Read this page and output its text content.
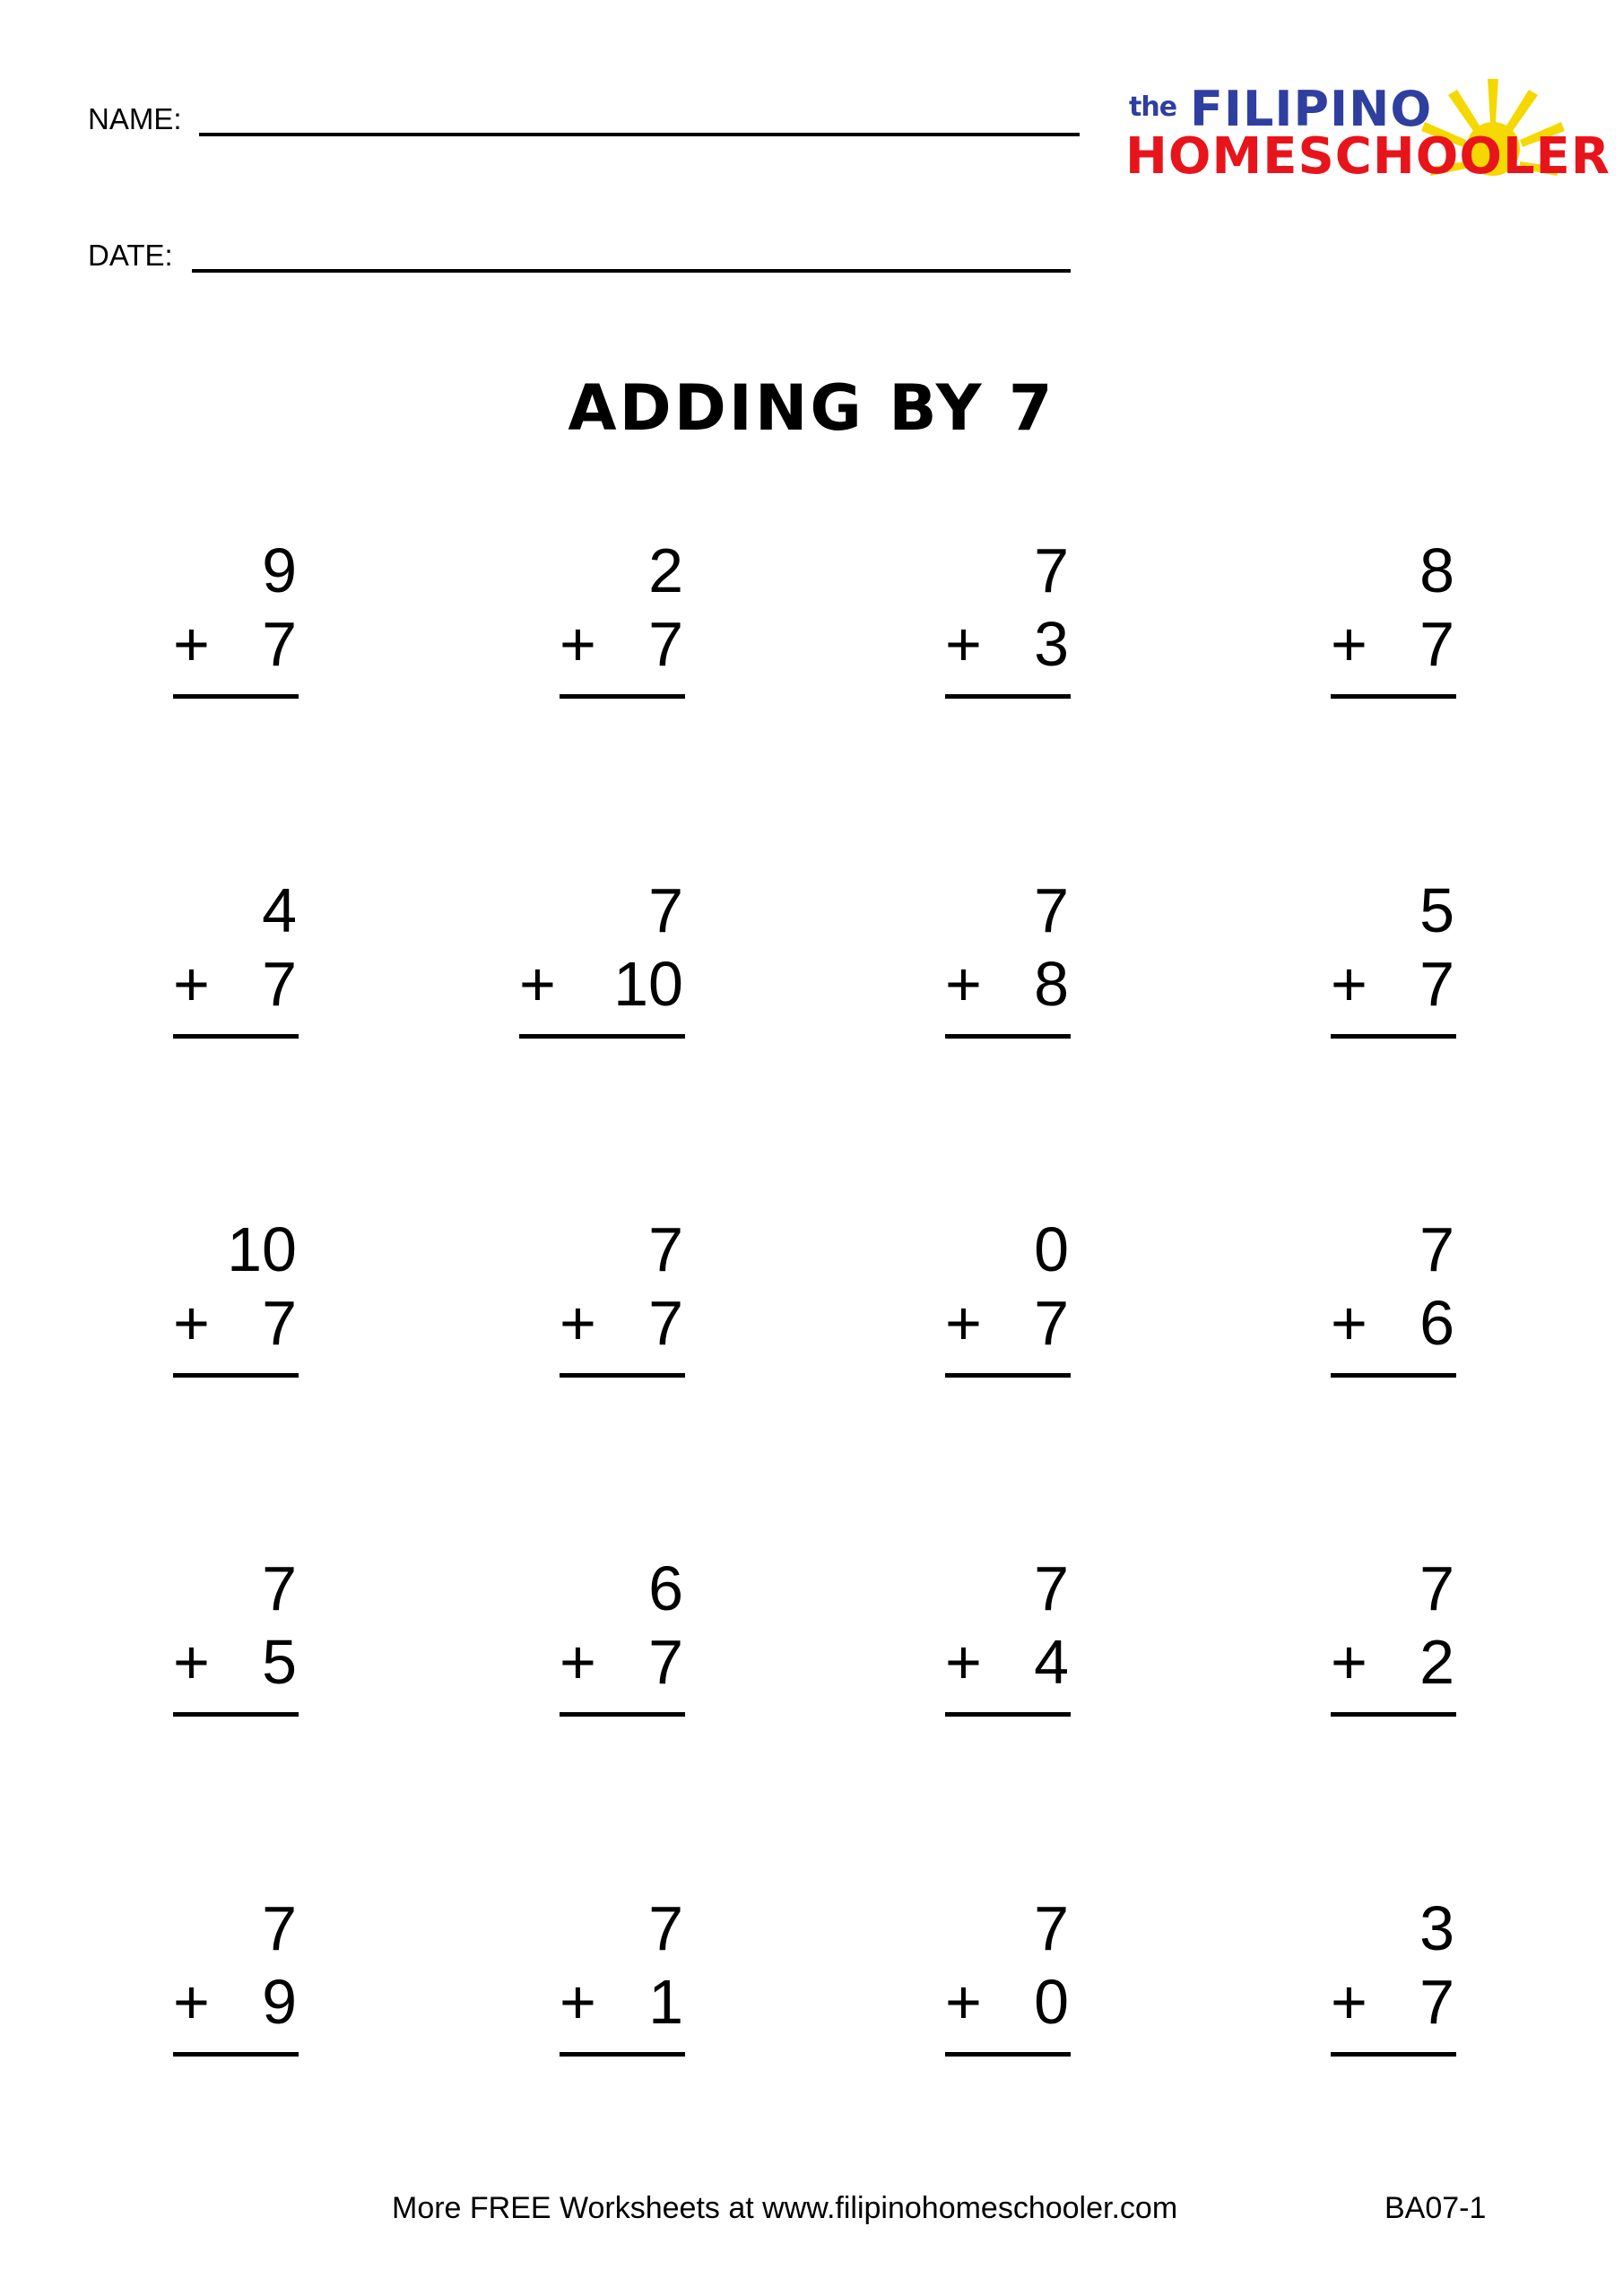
NAME:
DATE:
the FILIPINO
HOMESCHOOLER
ADDING BY 7
9
+ 7
2
+ 7
7
+ 3
8
+ 7
4
+ 7
7
+ 10
7
+ 8
5
+ 7
10
+ 7
7
+ 7
0
+ 7
7
+ 6
7
+ 5
6
+ 7
7
+ 4
7
+ 2
7
+ 9
7
+ 1
7
+ 0
3
+ 7
More FREE Worksheets at www.filipinohomeschooler.com	BA07-1
